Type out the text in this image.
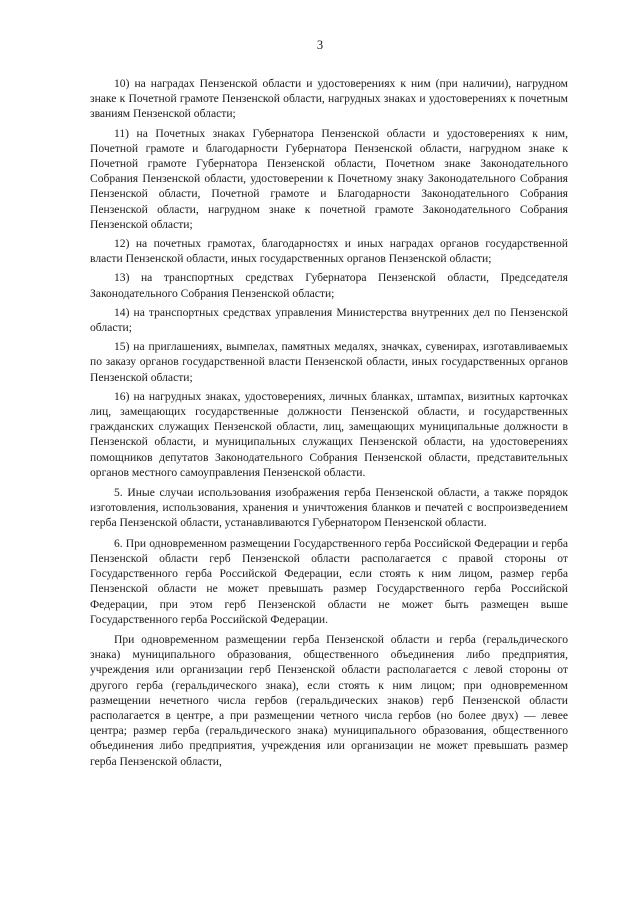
3

10) на наградах Пензенской области и удостоверениях к ним (при наличии), нагрудном знаке к Почетной грамоте Пензенской области, нагрудных знаках и удостоверениях к почетным званиям Пензенской области;

11) на Почетных знаках Губернатора Пензенской области и удостоверениях к ним, Почетной грамоте и благодарности Губернатора Пензенской области, нагрудном знаке к Почетной грамоте Губернатора Пензенской области, Почетном знаке Законодательного Собрания Пензенской области, удостоверении к Почетному знаку Законодательного Собрания Пензенской области, Почетной грамоте и Благодарности Законодательного Собрания Пензенской области, нагрудном знаке к почетной грамоте Законодательного Собрания Пензенской области;

12) на почетных грамотах, благодарностях и иных наградах органов государственной власти Пензенской области, иных государственных органов Пензенской области;

13) на транспортных средствах Губернатора Пензенской области, Председателя Законодательного Собрания Пензенской области;

14) на транспортных средствах управления Министерства внутренних дел по Пензенской области;

15) на приглашениях, вымпелах, памятных медалях, значках, сувенирах, изготавливаемых по заказу органов государственной власти Пензенской области, иных государственных органов Пензенской области;

16) на нагрудных знаках, удостоверениях, личных бланках, штампах, визитных карточках лиц, замещающих государственные должности Пензенской области, и государственных гражданских служащих Пензенской области, лиц, замещающих муниципальные должности в Пензенской области, и муниципальных служащих Пензенской области, на удостоверениях помощников депутатов Законодательного Собрания Пензенской области, представительных органов местного самоуправления Пензенской области.

5. Иные случаи использования изображения герба Пензенской области, а также порядок изготовления, использования, хранения и уничтожения бланков и печатей с воспроизведением герба Пензенской области, устанавливаются Губернатором Пензенской области.

6. При одновременном размещении Государственного герба Российской Федерации и герба Пензенской области герб Пензенской области располагается с правой стороны от Государственного герба Российской Федерации, если стоять к ним лицом, размер герба Пензенской области не может превышать размер Государственного герба Российской Федерации, при этом герб Пензенской области не может быть размещен выше Государственного герба Российской Федерации.

При одновременном размещении герба Пензенской области и герба (геральдического знака) муниципального образования, общественного объединения либо предприятия, учреждения или организации герб Пензенской области располагается с левой стороны от другого герба (геральдического знака), если стоять к ним лицом; при одновременном размещении нечетного числа гербов (геральдических знаков) герб Пензенской области располагается в центре, а при размещении четного числа гербов (но более двух) — левее центра; размер герба (геральдического знака) муниципального образования, общественного объединения либо предприятия, учреждения или организации не может превышать размер герба Пензенской области,
